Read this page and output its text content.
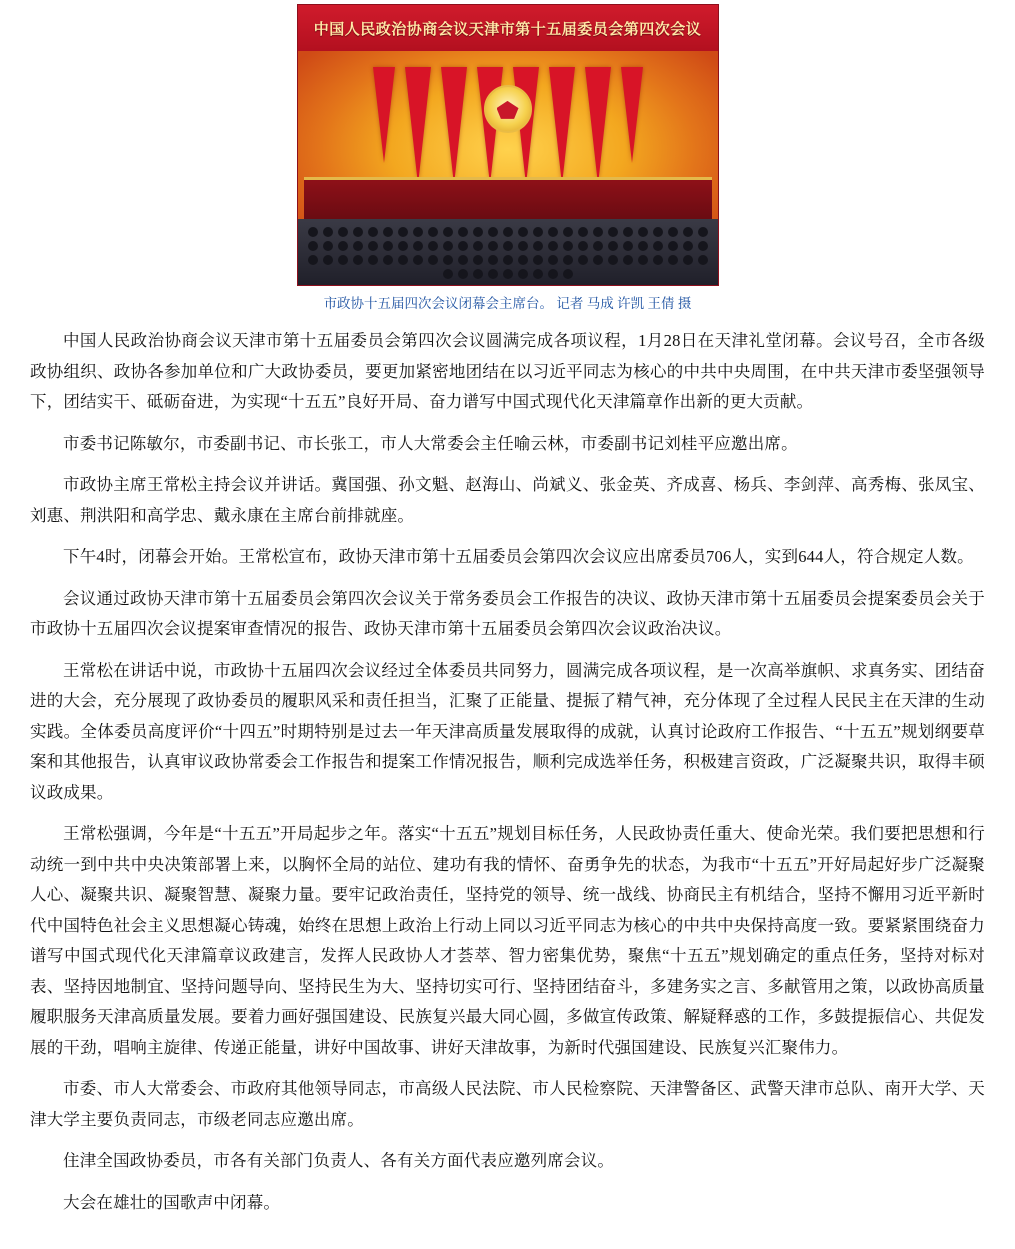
中国人民政治协商会议天津市第十五届委员会第四次会议
市政协十五届四次会议闭幕会主席台。 记者 马成 许凯 王倩 摄

中国人民政治协商会议天津市第十五届委员会第四次会议圆满完成各项议程，1月28日在天津礼堂闭幕。会议号召，全市各级政协组织、政协各参加单位和广大政协委员，要更加紧密地团结在以习近平同志为核心的中共中央周围，在中共天津市委坚强领导下，团结实干、砥砺奋进，为实现“十五五”良好开局、奋力谱写中国式现代化天津篇章作出新的更大贡献。

市委书记陈敏尔，市委副书记、市长张工，市人大常委会主任喻云林，市委副书记刘桂平应邀出席。

市政协主席王常松主持会议并讲话。冀国强、孙文魁、赵海山、尚斌义、张金英、齐成喜、杨兵、李剑萍、高秀梅、张凤宝、刘惠、荆洪阳和高学忠、戴永康在主席台前排就座。

下午4时，闭幕会开始。王常松宣布，政协天津市第十五届委员会第四次会议应出席委员706人，实到644人，符合规定人数。

会议通过政协天津市第十五届委员会第四次会议关于常务委员会工作报告的决议、政协天津市第十五届委员会提案委员会关于市政协十五届四次会议提案审查情况的报告、政协天津市第十五届委员会第四次会议政治决议。

王常松在讲话中说，市政协十五届四次会议经过全体委员共同努力，圆满完成各项议程，是一次高举旗帜、求真务实、团结奋进的大会，充分展现了政协委员的履职风采和责任担当，汇聚了正能量、提振了精气神，充分体现了全过程人民民主在天津的生动实践。全体委员高度评价“十四五”时期特别是过去一年天津高质量发展取得的成就，认真讨论政府工作报告、“十五五”规划纲要草案和其他报告，认真审议政协常委会工作报告和提案工作情况报告，顺利完成选举任务，积极建言资政，广泛凝聚共识，取得丰硕议政成果。

王常松强调，今年是“十五五”开局起步之年。落实“十五五”规划目标任务，人民政协责任重大、使命光荣。我们要把思想和行动统一到中共中央决策部署上来，以胸怀全局的站位、建功有我的情怀、奋勇争先的状态，为我市“十五五”开好局起好步广泛凝聚人心、凝聚共识、凝聚智慧、凝聚力量。要牢记政治责任，坚持党的领导、统一战线、协商民主有机结合，坚持不懈用习近平新时代中国特色社会主义思想凝心铸魂，始终在思想上政治上行动上同以习近平同志为核心的中共中央保持高度一致。要紧紧围绕奋力谱写中国式现代化天津篇章议政建言，发挥人民政协人才荟萃、智力密集优势，聚焦“十五五”规划确定的重点任务，坚持对标对表、坚持因地制宜、坚持问题导向、坚持民生为大、坚持切实可行、坚持团结奋斗，多建务实之言、多献管用之策，以政协高质量履职服务天津高质量发展。要着力画好强国建设、民族复兴最大同心圆，多做宣传政策、解疑释惑的工作，多鼓提振信心、共促发展的干劲，唱响主旋律、传递正能量，讲好中国故事、讲好天津故事，为新时代强国建设、民族复兴汇聚伟力。

市委、市人大常委会、市政府其他领导同志，市高级人民法院、市人民检察院、天津警备区、武警天津市总队、南开大学、天津大学主要负责同志，市级老同志应邀出席。

住津全国政协委员，市各有关部门负责人、各有关方面代表应邀列席会议。

大会在雄壮的国歌声中闭幕。
